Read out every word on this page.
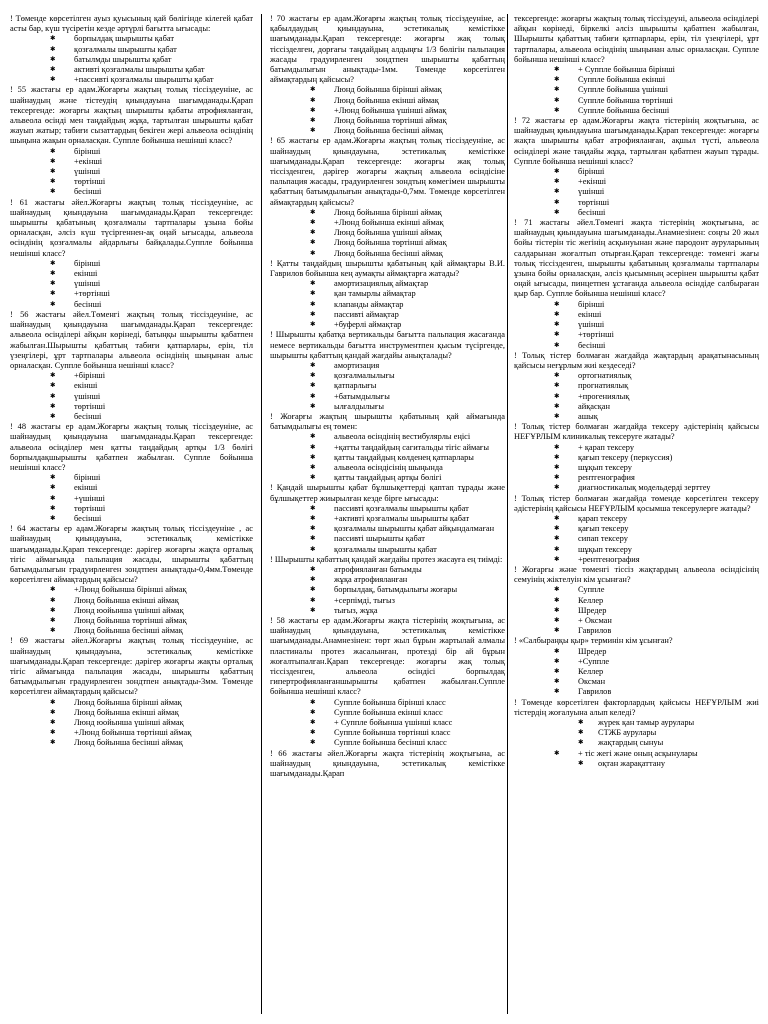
! Төменде көрсетілген ауыз қуысының қай бөлігінде кілегей қабат асты бар, күш түсіретін кезде әртүрлі бағытта ығысады:

✱ борпылдақ шырышты қабат
✱ қозғалмалы шырышты қабат
✱ батылмды шырышты қабат
✱ активті қозғалмалы шырышты қабат
✱ +пассивті қозғалмалы шырышты қабат

! 55 жастағы ер адам.Жоғарғы жақтың толық тіссіздеунiне, ас шайнаудың және тiстеудiң қиындауына шағымданады.Қарап тексергенде: жоғарғы жақтың шырышты қабаты атрофияланған, альвеола өсiндi мен таңдайдың жұқа, тартылған шырышты қабат жауып жатыр; табиғи сызаттардың бекiген жерi альвеола өсiндiнiң шыңына жақын орналасқан. Суппле бойынша нешiншi класс?

✱ бiрiншi
✱ +екiншi
✱ үшiншi
✱ төртiншi
✱ бесiншi

! 61 жастағы әйел.Жоғарғы жақтың толық тiссiздеунiне, ас шайнаудың қиындауына шағымданады.Қарап тексергенде: шырышты қабатының қозғалмалы тартпалары ұзына бойы орналасқан, әлсiз күш түсiргеннен-ақ оңай ығысады, альвеола өсiндiнiң қозғалмалы айдарлығы байқалады.Суппле бойынша нешiншi класс?

✱ бiрiншi
✱ екiншi
✱ үшiншi
✱ +төртiншi
✱ бесiншi

! 56 жастағы әйел.Төменгi жақтың толық тiссiздеунiне, ас шайнаудың қиындауына шағымданады.Қарап тексергенде: альвеола өсiндiлерi айқын көрiнедi, батыңқы шырышты қабатпен жабылған.Шырышты қабаттың табиғи қатпарлары, ерiн, тiл үзеңгiлерi, ұрт тартпалары альвеола өсiндiнiң шыңынан алыс орналасқан. Суппле бойынша нешiншi класс?

✱ +бiрiншi
✱ екiншi
✱ үшiншi
✱ төртiншi
✱ бесiншi

! 48 жастағы ер адам.Жоғарғы жақтың толық тiссiздеунiне, ас шайнаудың қиындауына шағымданады.Қарап тексергенде: альвеола өсiндiлер мен қатты таңдайдың артқы 1/3 бөлiгi борпылдақшырышты қабатпен жабылған. Суппле бойынша нешiншi класс?

✱ бiрiншi
✱ екiншi
✱ +үшiншi
✱ төртiншi
✱ бесiншi

! 64 жастағы ер адам.Жоғарғы жақтың толық тiссiздеунiне , ас шайнаудың қиындауына, эстетикалық кемiстiкке шағымданады.Қарап тексергенде: дәрiгер жоғарғы жақта орталық тiгiс аймағында пальпация жасады, шырышты қабаттың батымдылығын градуирленген зондтпен анықтады-0,4мм.Төменде көрсетiлген аймақтардың қайсысы?

✱ +Люнд бойынша бiрiншi аймақ
✱ Люнд бойынша екiншi аймақ
✱ Люнд юойынша үшiншi аймақ
✱ Люнд бойынша төртiншi аймақ
✱ Люнд бойынша бесiншi аймақ

! 69 жастағы әйел.Жоғарғы жақтың толық тiссiздеунiне, ас шайнаудың қиындауына, эстетикалық кемiстiкке шағымданады.Қарап тексергенде: дәрiгер жоғарғы жақты орталық тiгiс аймағында пальпация жасады, шырышты қабаттың батымдылығын градуирленген зондтпен анықтады-3мм. Төменде көрсетiлген аймақтардың қайсысы?

✱ Люнд бойынша бiрiншi аймақ
✱ Люнд бойынша екiншi аймақ
✱ Люнд юойынша үшiншi аймақ
✱ +Люнд бойынша төртiншi аймақ
✱ Люнд бойынша бесiншi аймақ

! 70 жастағы ер адам.Жоғарғы жақтың толық тiссiздеунiне, ас қабылдаудың қиындауына, эстетикалық кемiстiкке шағымданады.Қарап тексергенде: жоғарғы жақ толық тiссiзделген, дорғағы таңдайдың алдыңғы 1/3 бөлiгiн пальпация жасады градуирленген зондтпен шырышты қабаттың батымдылығын анықтады-1мм. Төменде көрсетiлген аймақтардың қайсысы?

✱ Люнд бойынша бiрiншi аймақ
✱ Люнд бойынша екiншi аймақ
✱ +Люнд бойынша үшiншi аймақ
✱ Люнд бойынша төртiншi аймақ
✱ Люнд бойынша бесiншi аймақ

! 65 жастағы ер адам.Жоғарғы жақтың толық тiссiздеунiне, ас шайнаудың қиындауына, эстетикалық кемiстiкке шағымданады.Қарап тексергенде: жоғарғы жақ толық тiссiзденген, дәрiгер жоғарғы жақтың альвеола өсiндiсiне пальпация жасады, градуирленген зондтың көмегiмен шырышты қабаттың батымдылығын анықтады-0,7мм. Төменде көрсетiлген аймақтардың қайсысы?

✱ Люнд бойынша бiрiншi аймақ
✱ +Люнд бойынша екiншi аймақ
✱ Люнд бойынша үшiншi аймақ
✱ Люнд бойынша төртiншi аймақ
✱ Люнд бойынша бесiншi аймақ

! Қатты таңдайдың шырышты қабатының қай аймақтары В.И. Гаврилов бойынша кең аумақты аймақтарға жатады?

✱ амортизациялық аймақтар
✱ қан тамырлы аймақтар
✱ клапанды аймақтар
✱ пассивтi аймақтар
✱ +буферлi аймақтар

! Шырышты қабатқа вертикальды бағытта пальпация жасағанда немесе вертикальды бағытта инструментпен қысым түсiргенде, шырышты қабаттың қандай жағдайы анықталады?

✱ амортизация
✱ қозғалмалылығы
✱ қатпарлығы
✱ +батымдылығы
✱ ылғалдылығы

! Жоғарғы жақтың шырышты қабатының қай аймағында батымдылығы ең төмен:

✱ альвеола өсiндiнiң вестибулярлы еңiсi
✱ +қатты таңдайдың сагитальды тiгiс аймағы
✱ қатты таңдайдың көлденең қатпарлары
✱ альвеола өсiндiсiнiң шыңында
✱ қатты таңдайдың артқы бөлiгi

! Қандай шырышты қабат бұлшықеттердi қаптап тұрады және бұлшықеттер жиырылған кезде бiрге ығысады:

✱ пассивтi қозғалмалы шырышты қабат
✱ +активтi қозғалмалы шырышты қабат
✱ қозғалмалы шырышты қабат айқындалмаған
✱ пассивтi шырышты қабат
✱ қозғалмалы шырышты қабат

! Шырышты қабаттың қандай жағдайы протез жасауға ең тиiмдi:

✱ атрофияланған батымды
✱ жұқа атрофияланған
✱ борпылдақ, батымдылығы жоғары
✱ +серпiмдi, тығыз
✱ тығыз, жұқа

! 58 жастағы ер адам.Жоғарғы жақта тiстерiнiң жоқтығына, ас шайнаудың қиындауына, эстетикалық кемiстiкке шағымданады.Анамнезiнен: төрт жыл бұрын жартылай алмалы пластиналы протез жасалынған, протездi бiр ай бұрын жоғалтыпалған.Қарап тексергенде: жоғарғы жақ толық тiссiзденген, альвеола өсiндiсi борпылдақ гипертрофияланғаншырышты қабатпен жабылған.Суппле бойынша нешiншi класс?

✱ Суппле бойынша бiрiншi класс
✱ Суппле бойынша екiншi класс
✱ + Суппле бойынша үшiншi класс
✱ Суппле бойынша төртiншi класс
✱ Суппле бойынша бесiншi класс

! 66 жастағы әйел.Жоғарғы жақта тiстерiнiң жоқтығына, ас шайнаудың қиындауына, эстетикалық кемiстiкке шағымданады.Қарап

тексергенде: жоғарғы жақтың толық тiссiздеунi, альвеола өсiндiлерi айқын көрiнедi, біркелкi әлсiз шырышты қабатпен жабылған, Шырышты қабаттың табиғи қатпарлары, ерiн, тiл үзеңгiлерi, ұрт тартпалары, альвеола өсiндiнiң шыңынан алыс орналасқан. Суппле бойынша нешiншi класс?

✱ + Суппле бойынша бiрiншi
✱ Суппле бойынша екiншi
✱ Суппле бойынша үшiншi
✱ Суппле бойынша төртiншi
✱ Суппле бойынша бесiншi

! 72 жастағы ер адам.Жоғарғы жақта тiстерiнiң жоқтығына, ас шайнаудың қиындауына шағымданады.Қарап тексергенде: жоғарғы жақта шырышты қабат атрофияланған, ақшыл түстi, альвеола өсiндiлерi және таңдайы жұқа, тартылған қабатпен жауып тұрады. Суппле бойынша нешiншi класс?

✱ бiрiншi
✱ +екiншi
✱ үшiншi
✱ төртiншi
✱ бесiншi

! 71 жастағы әйел.Төменгi жақта тiстерiнiң жоқтығына, ас шайнаудың қиындауына шағымданады.Анамнезiнен: соңғы 20 жыл бойы тiстерiн тiс жегiнiң асқынуынан және пародонт ауруларының салдарынан жоғалтып отырған.Қарап тексергенде: төменгi жағы толық тiссiзденген, шырышты қабатының қозғалмалы тартпалары ұзына бойы орналасқан, әлсiз қысымның әсерiнен шырышты қабат оңай ығысады, пинцетпен ұстағанда альвеола өсiндiде салбыраған қыр бар. Суппле бойынша нешiншi класс?

✱ бiрiншi
✱ екiншi
✱ үшiншi
✱ +төртiншi
✱ бесiншi

! Толық тiстер болмаған жағдайда жақтардың арақатынасының қайсысы неғұрлым жиi кездеседi?

✱ ортогнатиялық
✱ прогнатиялық
✱ +прогениялық
✱ айқасқан
✱ ашық

! Толық тiстер болмаған жағдайда тексеру әдiстерiнiң қайсысы НЕҒҰРЛЫМ клиникалық тексеруге жатады?

✱ + қарап тексеру
✱ қағып тексеру (перкуссия)
✱ шұқып тексеру
✱ рентгенография
✱ диагностикалық модельдердi зерттеу

! Толық тiстер болмаған жағдайда төменде көрсетiлген тексеру әдiстерiнiң қайсысы НЕҒҰРЛЫМ қосымша тексерулерге жатады?

✱ қарап тексеру
✱ қағып тексеру
✱ сипап тексеру
✱ шұқып тексеру
✱ +рентгенография

! Жоғарғы және төменгi тiссiз жақтардың альвеола өсiндiсiнiң семуiнiң жiктелуiн кiм ұсынған?

✱ Суппле
✱ Келлер
✱ Шредер
✱ + Оксман
✱ Гаврилов

! «Салбыраңқы қыр» терминiн кiм ұсынған?

✱ Шредер
✱ +Суппле
✱ Келлер
✱ Оксман
✱ Гаврилов

! Төменде көрсетiлген факторлардың қайсысы НЕҒҰРЛЫМ жиi тiстердiң жоғалуына алып келедi?

✱ жүрек қан тамыр аурулары
✱ СТЖБ аурулары
✱ жақтардың сынуы
✱ + тiс жегi және оның асқынулары
✱ оқтан жарақаттану
